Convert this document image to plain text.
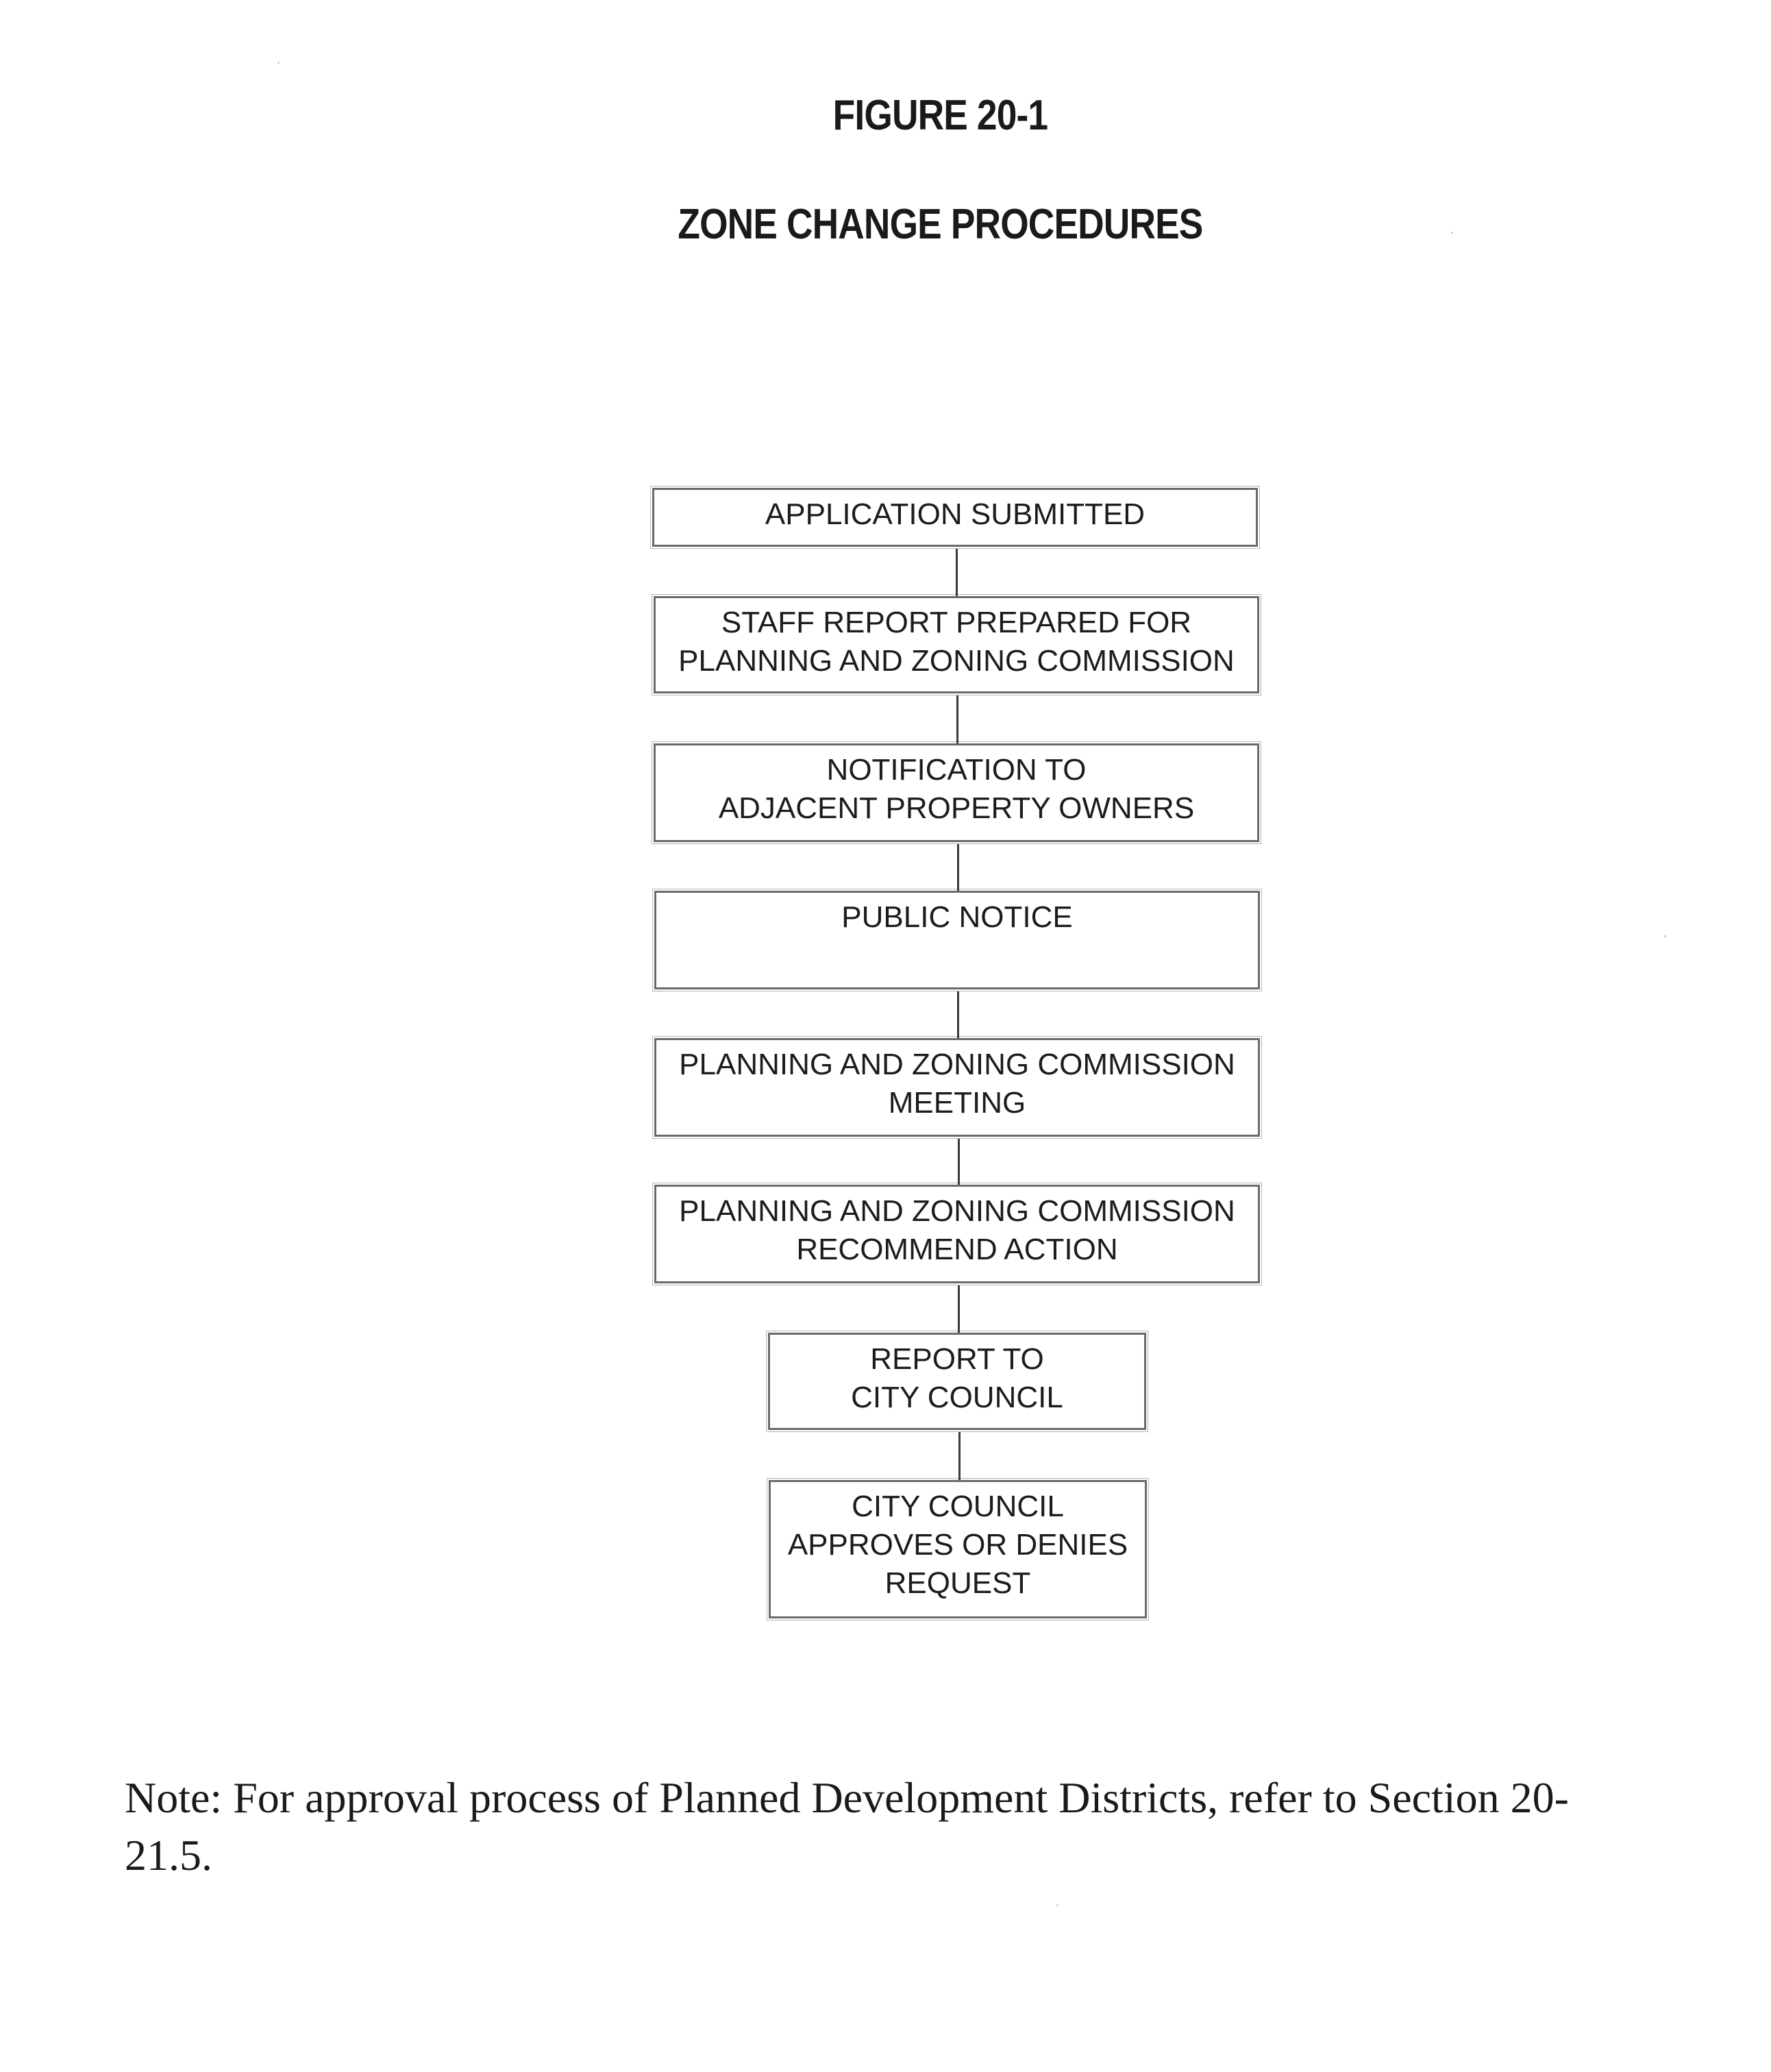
FIGURE 20-1
ZONE CHANGE PROCEDURES
APPLICATION SUBMITTED
STAFF REPORT PREPARED FOR
PLANNING AND ZONING COMMISSION
NOTIFICATION TO
ADJACENT PROPERTY OWNERS
PUBLIC NOTICE
PLANNING AND ZONING COMMISSION
MEETING
PLANNING AND ZONING COMMISSION
RECOMMEND ACTION
REPORT TO
CITY COUNCIL
CITY COUNCIL
APPROVES OR DENIES
REQUEST
Note: For approval process of Planned Development Districts, refer to Section 20-
21.5.
